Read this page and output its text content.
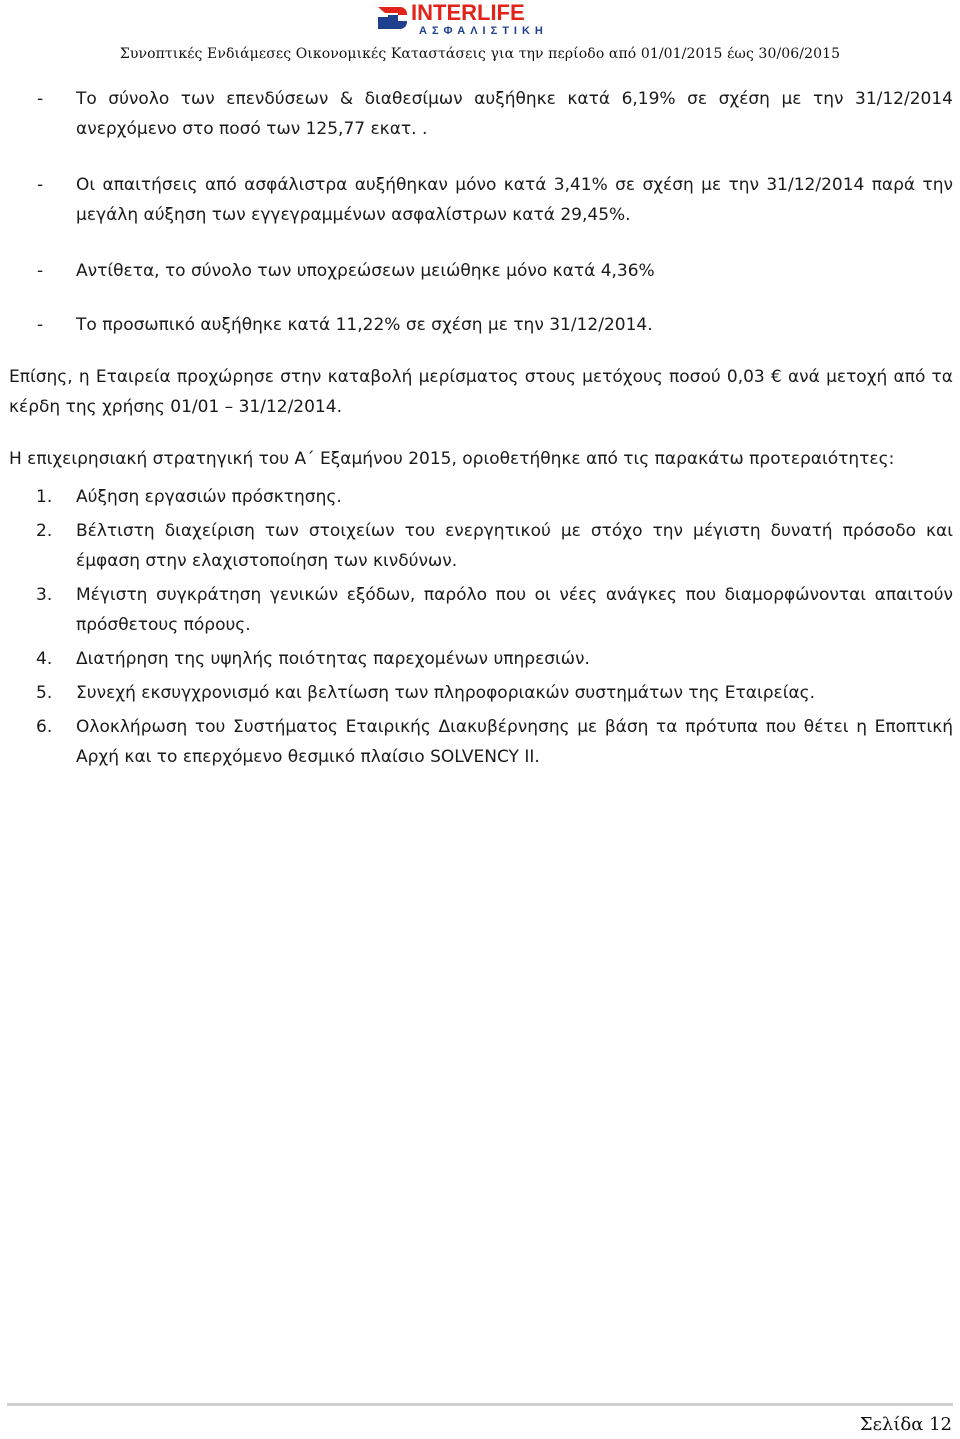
INTERLIFE
ΑΣΦΑΛΙΣΤΙΚΗ
Συνοπτικές Ενδιάμεσες Οικονομικές Καταστάσεις για την περίοδο από 01/01/2015 έως 30/06/2015
- Το σύνολο των επενδύσεων & διαθεσίμων αυξήθηκε κατά 6,19% σε σχέση με την 31/12/2014 ανερχόμενο στο ποσό των 125,77 εκατ. .
- Οι απαιτήσεις από ασφάλιστρα αυξήθηκαν μόνο κατά 3,41% σε σχέση με την 31/12/2014 παρά την μεγάλη αύξηση των εγγεγραμμένων ασφαλίστρων κατά 29,45%.
- Αντίθετα, το σύνολο των υποχρεώσεων μειώθηκε μόνο κατά 4,36%
- Το προσωπικό αυξήθηκε κατά 11,22% σε σχέση με την 31/12/2014.
Επίσης, η Εταιρεία προχώρησε στην καταβολή μερίσματος στους μετόχους ποσού 0,03 € ανά μετοχή από τα κέρδη της χρήσης 01/01 – 31/12/2014.
Η επιχειρησιακή στρατηγική του Α΄ Εξαμήνου 2015, οριοθετήθηκε από τις παρακάτω προτεραιότητες:
1. Αύξηση εργασιών πρόσκτησης.
2. Βέλτιστη διαχείριση των στοιχείων του ενεργητικού με στόχο την μέγιστη δυνατή πρόσοδο και έμφαση στην ελαχιστοποίηση των κινδύνων.
3. Μέγιστη συγκράτηση γενικών εξόδων, παρόλο που οι νέες ανάγκες που διαμορφώνονται απαιτούν πρόσθετους πόρους.
4. Διατήρηση της υψηλής ποιότητας παρεχομένων υπηρεσιών.
5. Συνεχή εκσυγχρονισμό και βελτίωση των πληροφοριακών συστημάτων της Εταιρείας.
6. Ολοκλήρωση του Συστήματος Εταιρικής Διακυβέρνησης με βάση τα πρότυπα που θέτει η Εποπτική Αρχή και το επερχόμενο θεσμικό πλαίσιο SOLVENCY II.
Σελίδα 12
